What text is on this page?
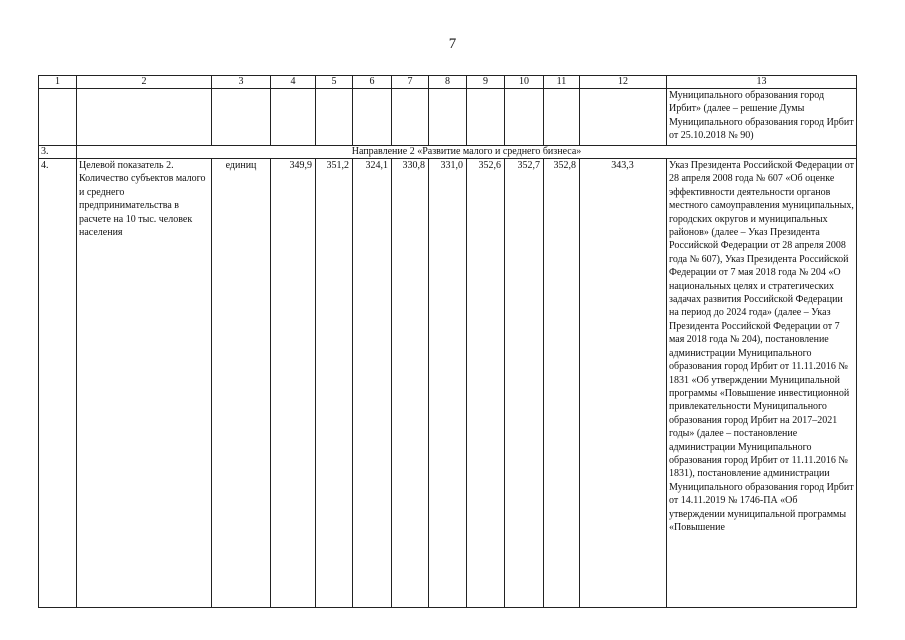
7
1	2	3	4	5	6	7	8	9	10	11	12	13
												Муниципального образования город Ирбит» (далее – решение Думы Муниципального образования город Ирбит от 25.10.2018 № 90)
3.	Направление 2 «Развитие малого и среднего бизнеса»											
4.	Целевой показатель 2. Количество субъектов малого и среднего предпринимательства в расчете на 10 тыс. человек населения	единиц	349,9	351,2	324,1	330,8	331,0	352,6	352,7	352,8	343,3	Указ Президента Российской Федерации от 28 апреля 2008 года № 607 «Об оценке эффективности деятельности органов местного самоуправления муниципальных, городских округов и муниципальных районов» (далее – Указ Президента Российской Федерации от 28 апреля 2008 года № 607), Указ Президента Российской Федерации от 7 мая 2018 года № 204 «О национальных целях и стратегических задачах развития Российской Федерации на период до 2024 года» (далее – Указ Президента Российской Федерации от 7 мая 2018 года № 204), постановление администрации Муниципального образования город Ирбит от 11.11.2016 № 1831 «Об утверждении Муниципальной программы «Повышение инвестиционной привлекательности Муниципального образования город Ирбит на 2017–2021 годы» (далее – постановление администрации Муниципального образования город Ирбит от 11.11.2016 № 1831), постановление администрации Муниципального образования город Ирбит от 14.11.2019 № 1746-ПА «Об утверждении муниципальной программы «Повышение
